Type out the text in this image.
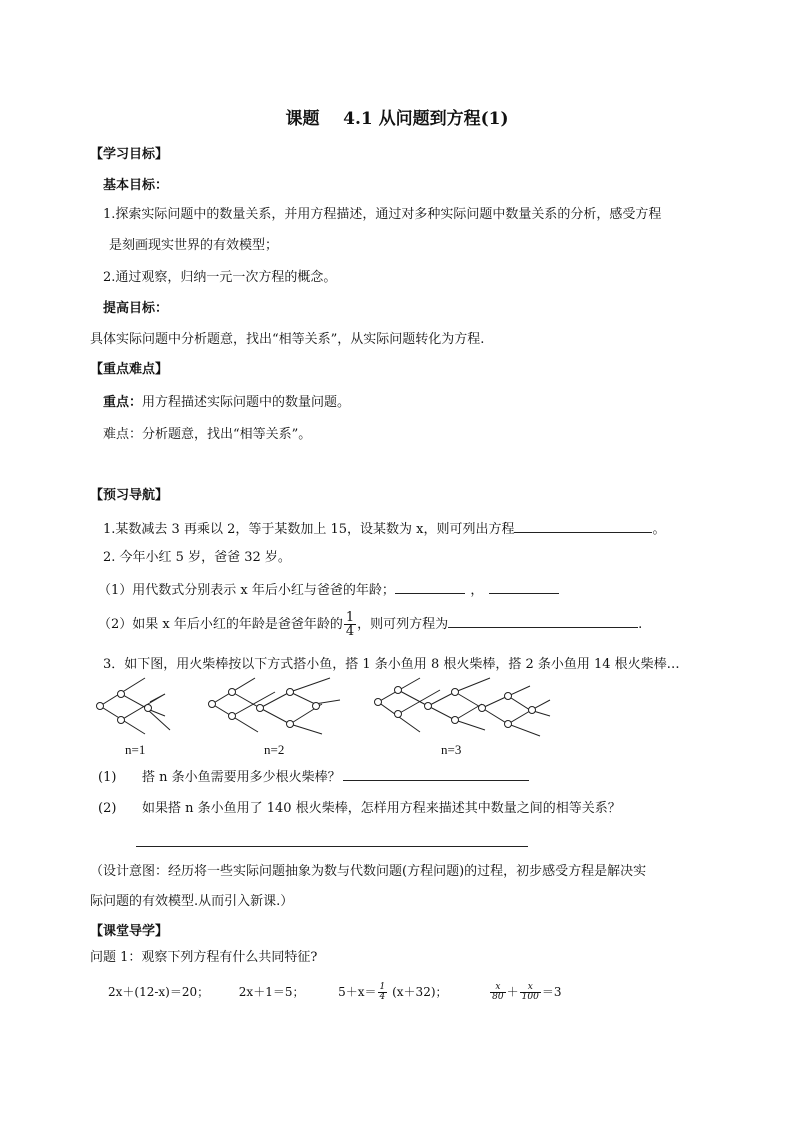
课题    4.1 从问题到方程(1)
【学习目标】
基本目标：
1.探索实际问题中的数量关系，并用方程描述，通过对多种实际问题中数量关系的分析，感受方程
是刻画现实世界的有效模型；
2.通过观察，归纳一元一次方程的概念。
提高目标：
具体实际问题中分析题意，找出“相等关系”，从实际问题转化为方程.
【重点难点】
重点：用方程描述实际问题中的数量问题。
难点：分析题意，找出“相等关系”。
【预习导航】
1.某数减去 3 再乘以 2，等于某数加上 15，设某数为 x，则可列出方程	。
2. 今年小红 5 岁，爸爸 32 岁。
（1）用代数式分别表示 x 年后小红与爸爸的年龄；	，
（2）如果 x 年后小红的年龄是爸爸年龄的 $\frac{1}{4}$ ，则可列方程为	.
3．如下图，用火柴棒按以下方式搭小鱼，搭 1 条小鱼用 8 根火柴棒，搭 2 条小鱼用 14 根火柴棒…
n=1	n=2	n=3
(1) 搭 n 条小鱼需要用多少根火柴棒？
(2) 如果搭 n 条小鱼用了 140 根火柴棒，怎样用方程来描述其中数量之间的相等关系？
（设计意图：经历将一些实际问题抽象为数与代数问题(方程问题)的过程，初步感受方程是解决实
际问题的有效模型.从而引入新课.）
【课堂导学】
问题 1：观察下列方程有什么共同特征?
2x＋(12-x)＝20； 2x＋1＝5；	$5+x= \frac{1}{4} (x+32)$；	$\frac{x}{80} + \frac{x}{100} =3$
